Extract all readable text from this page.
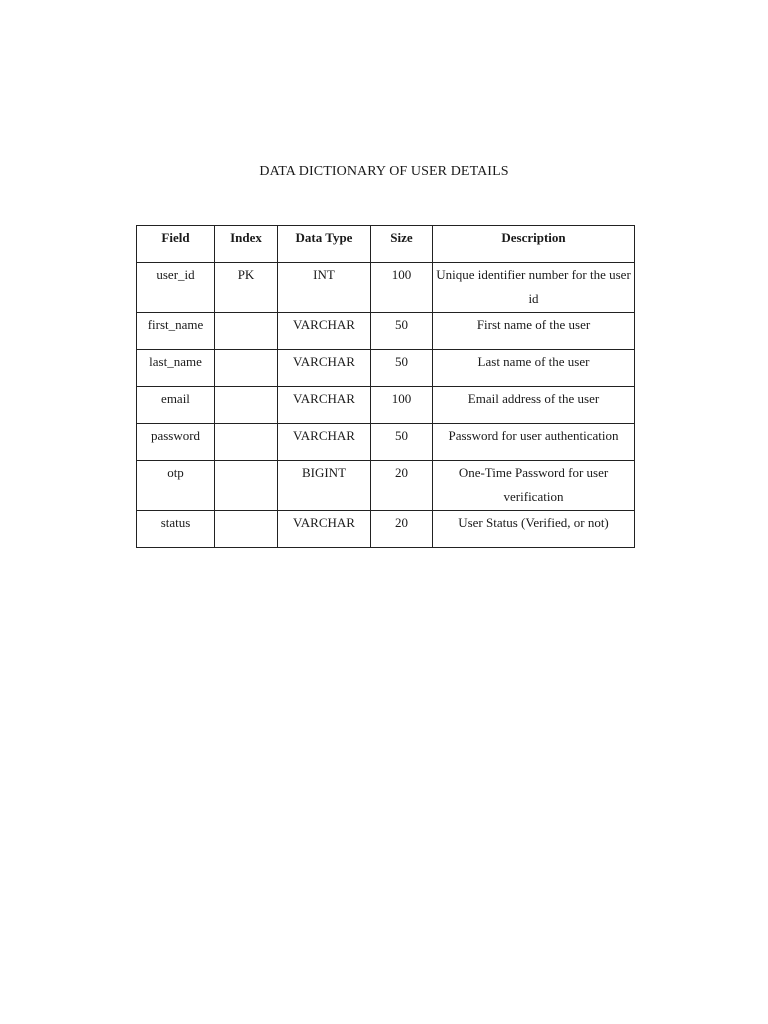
DATA DICTIONARY OF USER DETAILS
Field	Index	Data Type	Size	Description
user_id	PK	INT	100	Unique identifier number for the user id
first_name		VARCHAR	50	First name of the user
last_name		VARCHAR	50	Last name of the user
email		VARCHAR	100	Email address of the user
password		VARCHAR	50	Password for user authentication
otp		BIGINT	20	One-Time Password for user verification
status		VARCHAR	20	User Status (Verified, or not)
